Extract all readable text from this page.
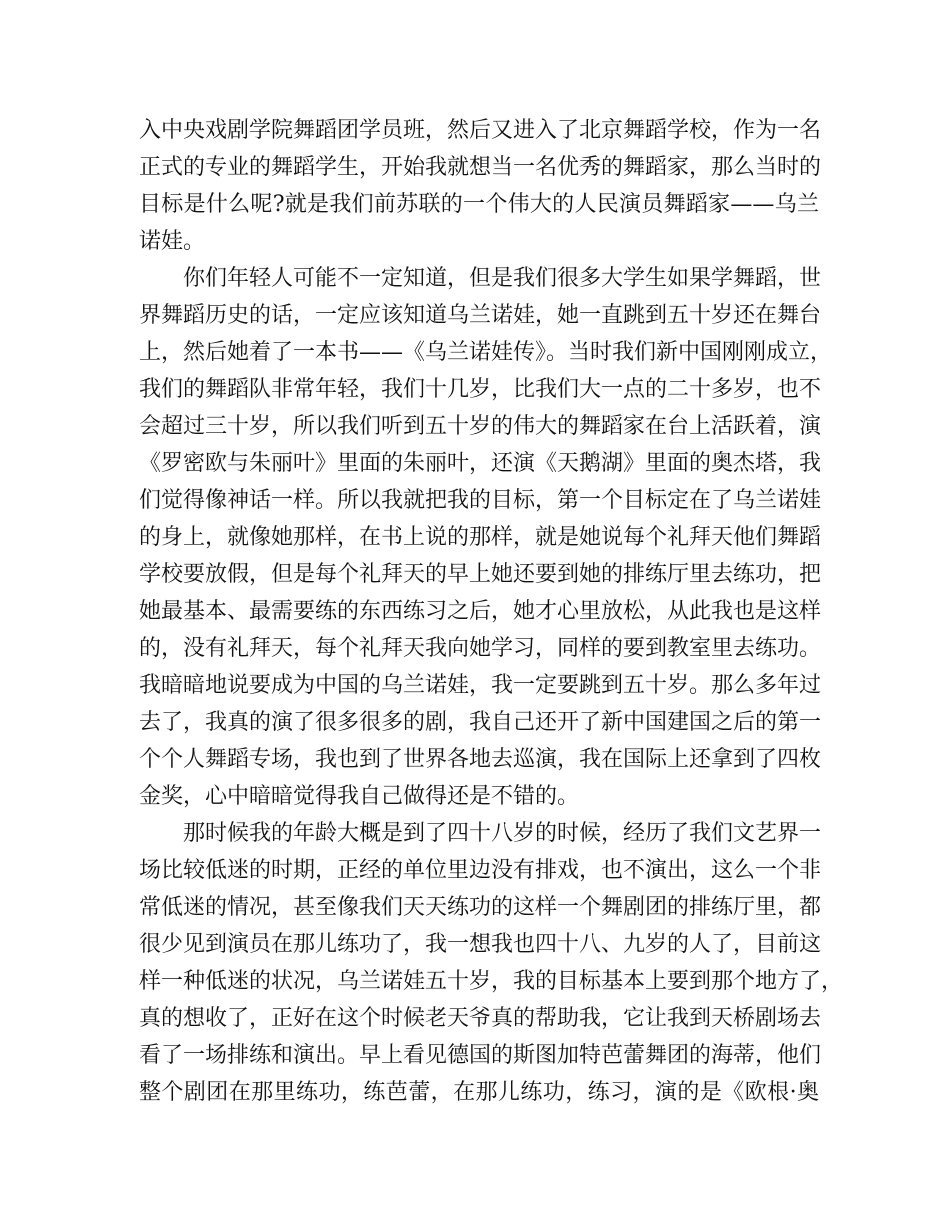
入中央戏剧学院舞蹈团学员班，然后又进入了北京舞蹈学校，作为一名
正式的专业的舞蹈学生，开始我就想当一名优秀的舞蹈家，那么当时的
目标是什么呢?就是我们前苏联的一个伟大的人民演员舞蹈家——乌兰
诺娃。
　　你们年轻人可能不一定知道，但是我们很多大学生如果学舞蹈，世
界舞蹈历史的话，一定应该知道乌兰诺娃，她一直跳到五十岁还在舞台
上，然后她着了一本书——《乌兰诺娃传》。当时我们新中国刚刚成立，
我们的舞蹈队非常年轻，我们十几岁，比我们大一点的二十多岁，也不
会超过三十岁，所以我们听到五十岁的伟大的舞蹈家在台上活跃着，演
《罗密欧与朱丽叶》里面的朱丽叶，还演《天鹅湖》里面的奥杰塔，我
们觉得像神话一样。所以我就把我的目标，第一个目标定在了乌兰诺娃
的身上，就像她那样，在书上说的那样，就是她说每个礼拜天他们舞蹈
学校要放假，但是每个礼拜天的早上她还要到她的排练厅里去练功，把
她最基本、最需要练的东西练习之后，她才心里放松，从此我也是这样
的，没有礼拜天，每个礼拜天我向她学习，同样的要到教室里去练功。
我暗暗地说要成为中国的乌兰诺娃，我一定要跳到五十岁。那么多年过
去了，我真的演了很多很多的剧，我自己还开了新中国建国之后的第一
个个人舞蹈专场，我也到了世界各地去巡演，我在国际上还拿到了四枚
金奖，心中暗暗觉得我自己做得还是不错的。
　　那时候我的年龄大概是到了四十八岁的时候，经历了我们文艺界一
场比较低迷的时期，正经的单位里边没有排戏，也不演出，这么一个非
常低迷的情况，甚至像我们天天练功的这样一个舞剧团的排练厅里，都
很少见到演员在那儿练功了，我一想我也四十八、九岁的人了，目前这
样一种低迷的状况，乌兰诺娃五十岁，我的目标基本上要到那个地方了，
真的想收了，正好在这个时候老天爷真的帮助我，它让我到天桥剧场去
看了一场排练和演出。早上看见德国的斯图加特芭蕾舞团的海蒂，他们
整个剧团在那里练功，练芭蕾，在那儿练功，练习，演的是《欧根·奥
